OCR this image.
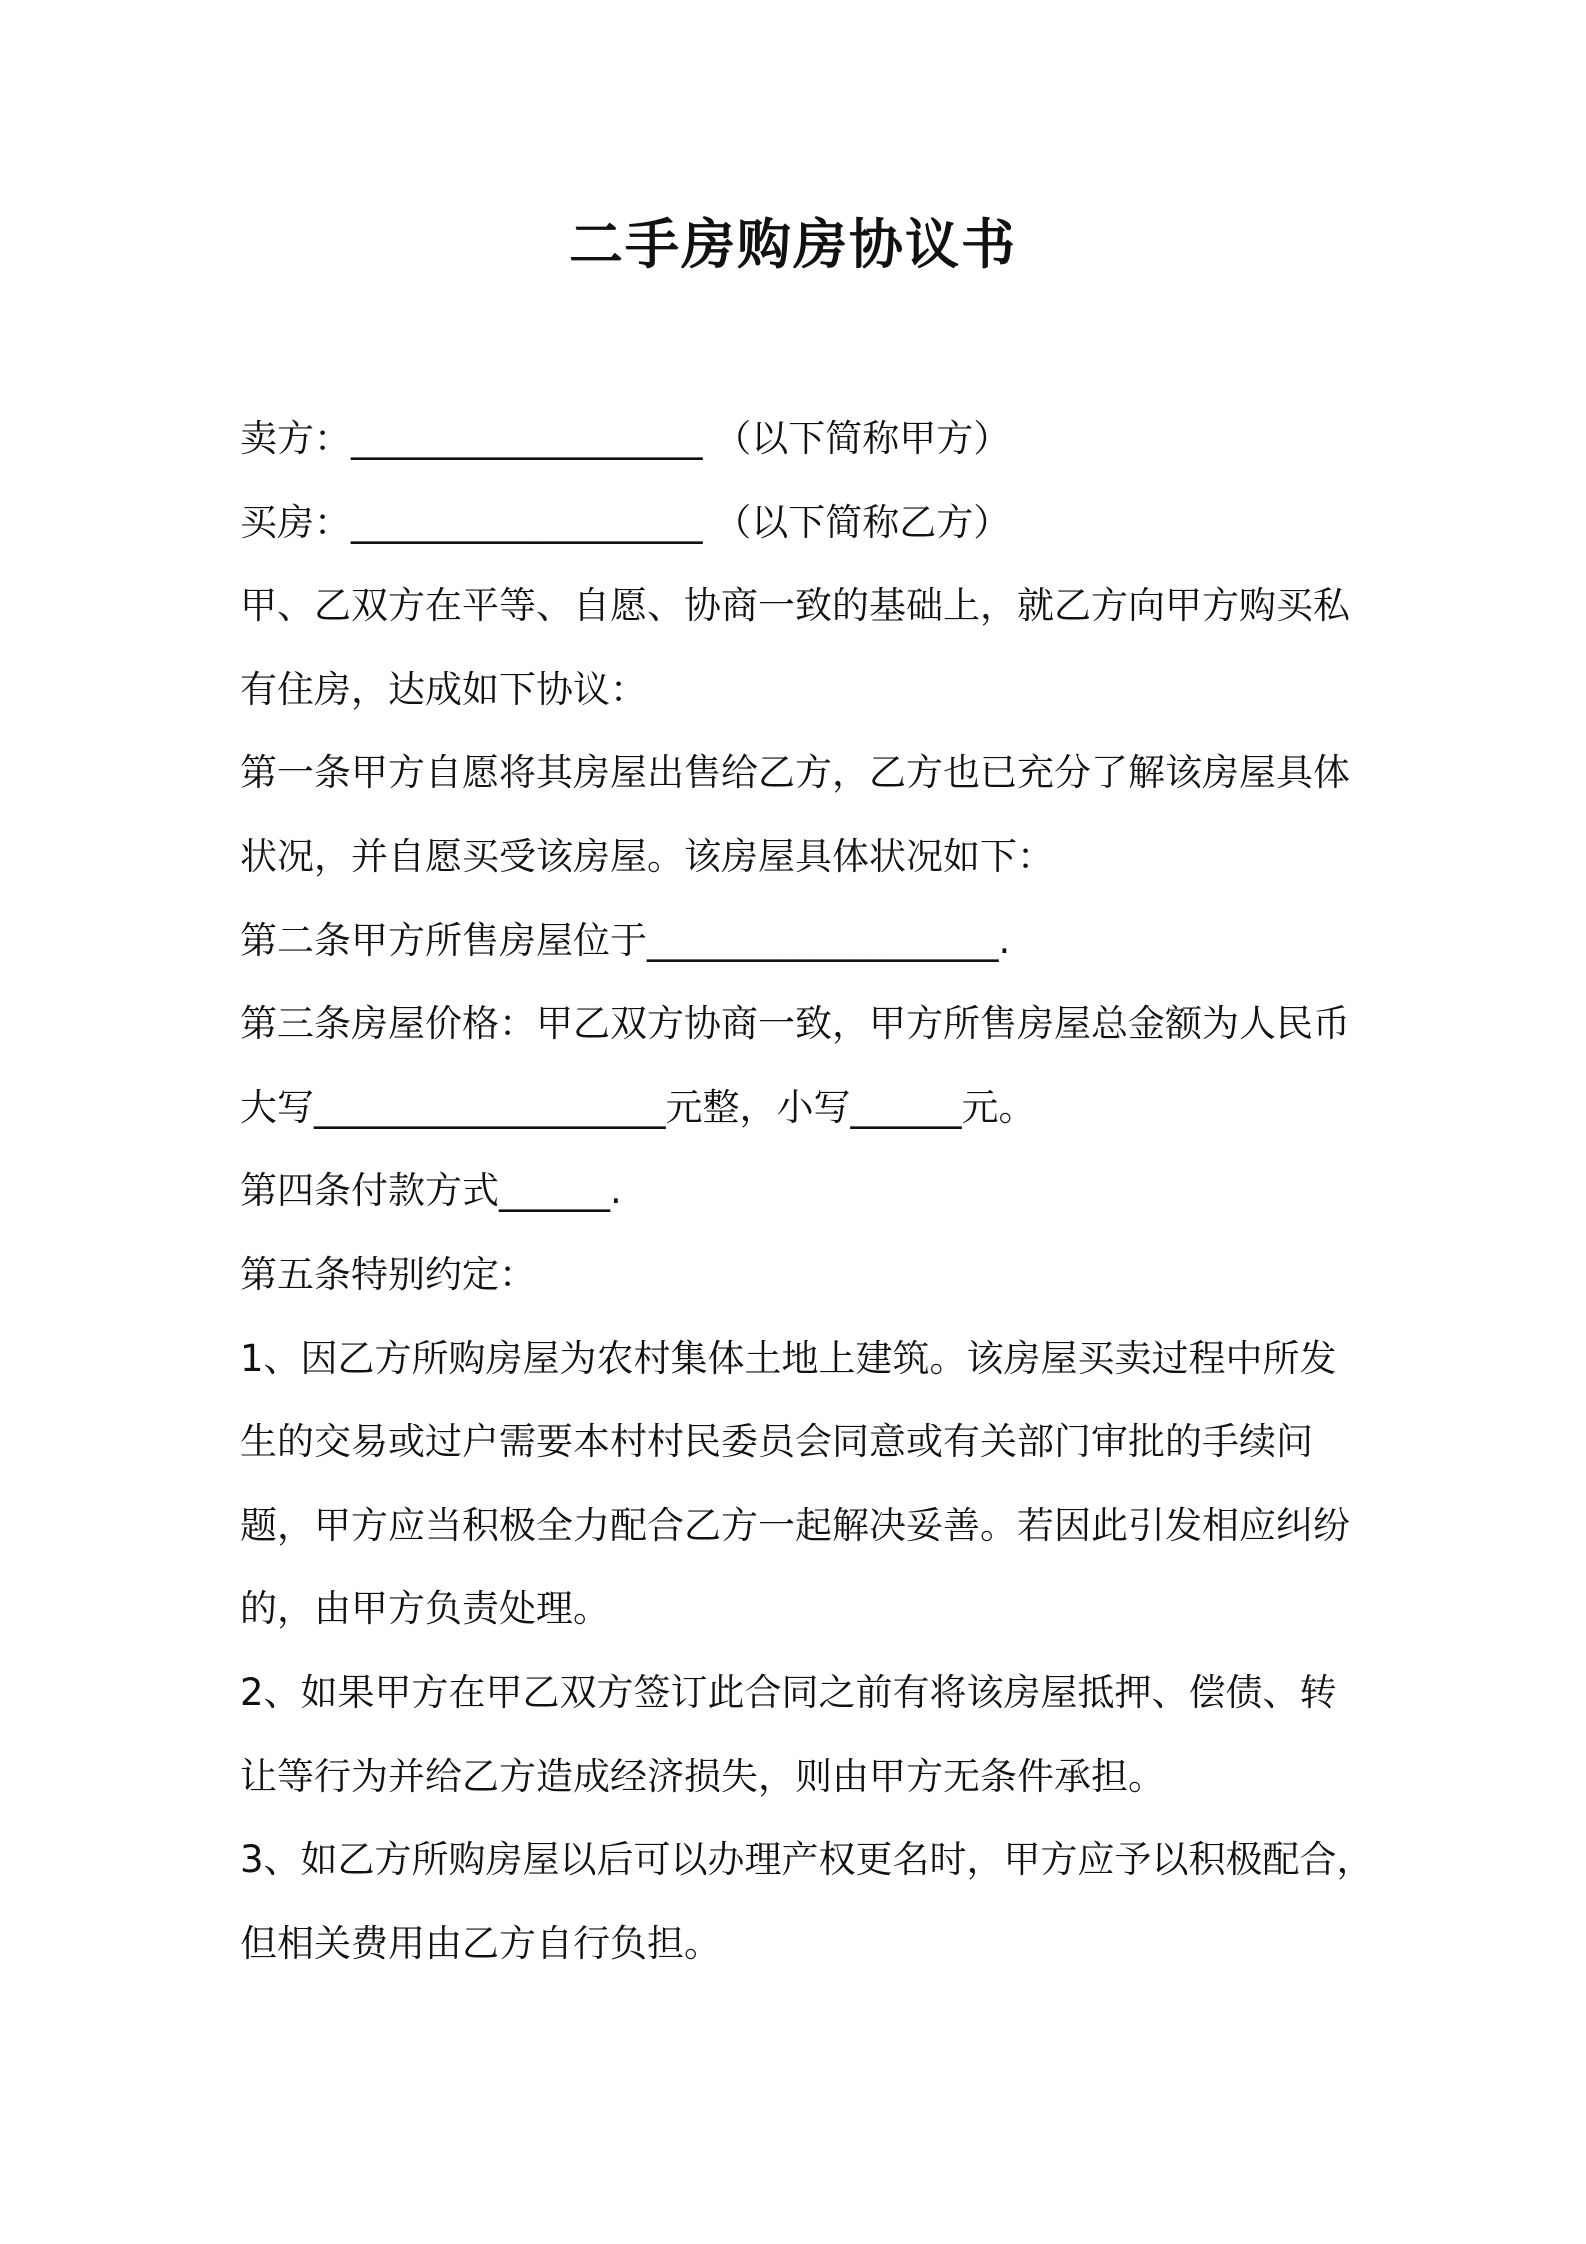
二手房购房协议书
卖方：___________________ （以下简称甲方）
买房：___________________ （以下简称乙方）
甲、乙双方在平等、自愿、协商一致的基础上，就乙方向甲方购买私
有住房，达成如下协议：
第一条甲方自愿将其房屋出售给乙方，乙方也已充分了解该房屋具体
状况，并自愿买受该房屋。该房屋具体状况如下：
第二条甲方所售房屋位于___________________.
第三条房屋价格：甲乙双方协商一致，甲方所售房屋总金额为人民币
大写___________________元整，小写______元。
第四条付款方式______.
第五条特别约定：
1、因乙方所购房屋为农村集体土地上建筑。该房屋买卖过程中所发
生的交易或过户需要本村村民委员会同意或有关部门审批的手续问
题，甲方应当积极全力配合乙方一起解决妥善。若因此引发相应纠纷
的，由甲方负责处理。
2、如果甲方在甲乙双方签订此合同之前有将该房屋抵押、偿债、转
让等行为并给乙方造成经济损失，则由甲方无条件承担。
3、如乙方所购房屋以后可以办理产权更名时，甲方应予以积极配合，
但相关费用由乙方自行负担。
